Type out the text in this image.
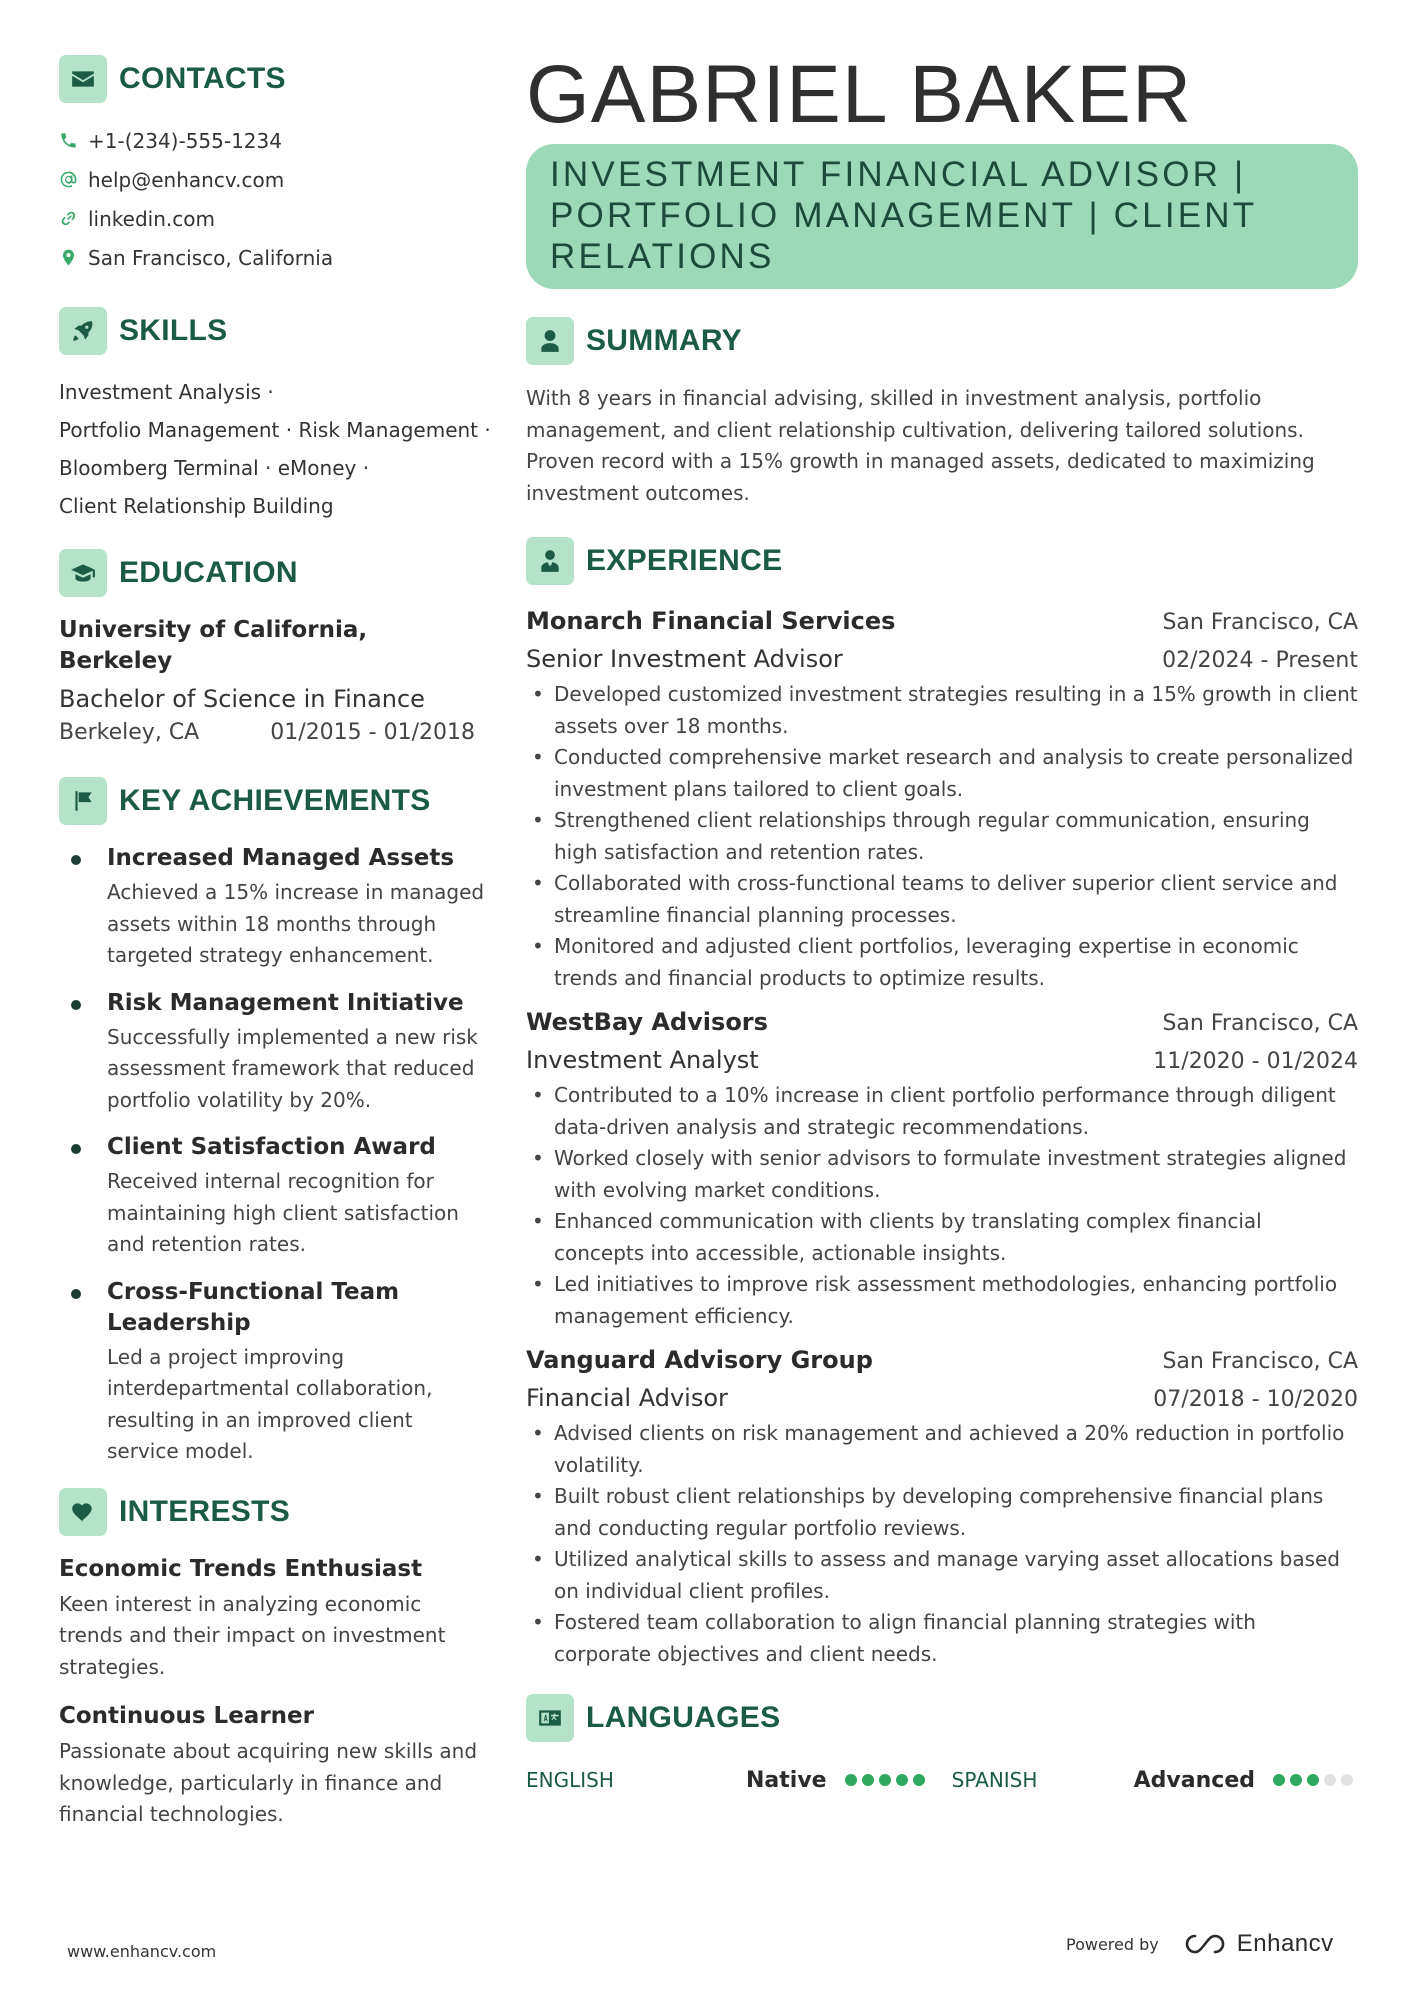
CONTACTS
+1-(234)-555-1234
help@enhancv.com
linkedin.com
San Francisco, California
SKILLS
Investment Analysis ·
Portfolio Management · Risk Management ·
Bloomberg Terminal · eMoney ·
Client Relationship Building
EDUCATION
University of California, Berkeley
Bachelor of Science in Finance
Berkeley, CA	01/2015 - 01/2018
KEY ACHIEVEMENTS
Increased Managed Assets
Achieved a 15% increase in managed assets within 18 months through targeted strategy enhancement.
Risk Management Initiative
Successfully implemented a new risk assessment framework that reduced portfolio volatility by 20%.
Client Satisfaction Award
Received internal recognition for maintaining high client satisfaction and retention rates.
Cross-Functional Team Leadership
Led a project improving interdepartmental collaboration, resulting in an improved client service model.
INTERESTS
Economic Trends Enthusiast
Keen interest in analyzing economic trends and their impact on investment strategies.
Continuous Learner
Passionate about acquiring new skills and knowledge, particularly in finance and financial technologies.
GABRIEL BAKER
INVESTMENT FINANCIAL ADVISOR | PORTFOLIO MANAGEMENT | CLIENT RELATIONS
SUMMARY
With 8 years in financial advising, skilled in investment analysis, portfolio management, and client relationship cultivation, delivering tailored solutions. Proven record with a 15% growth in managed assets, dedicated to maximizing investment outcomes.
EXPERIENCE
Monarch Financial Services	San Francisco, CA
Senior Investment Advisor	02/2024 - Present
• Developed customized investment strategies resulting in a 15% growth in client assets over 18 months.
• Conducted comprehensive market research and analysis to create personalized investment plans tailored to client goals.
• Strengthened client relationships through regular communication, ensuring high satisfaction and retention rates.
• Collaborated with cross-functional teams to deliver superior client service and streamline financial planning processes.
• Monitored and adjusted client portfolios, leveraging expertise in economic trends and financial products to optimize results.
WestBay Advisors	San Francisco, CA
Investment Analyst	11/2020 - 01/2024
• Contributed to a 10% increase in client portfolio performance through diligent data-driven analysis and strategic recommendations.
• Worked closely with senior advisors to formulate investment strategies aligned with evolving market conditions.
• Enhanced communication with clients by translating complex financial concepts into accessible, actionable insights.
• Led initiatives to improve risk assessment methodologies, enhancing portfolio management efficiency.
Vanguard Advisory Group	San Francisco, CA
Financial Advisor	07/2018 - 10/2020
• Advised clients on risk management and achieved a 20% reduction in portfolio volatility.
• Built robust client relationships by developing comprehensive financial plans and conducting regular portfolio reviews.
• Utilized analytical skills to assess and manage varying asset allocations based on individual client profiles.
• Fostered team collaboration to align financial planning strategies with corporate objectives and client needs.
LANGUAGES
ENGLISH	Native	SPANISH	Advanced
www.enhancv.com	Powered by	Enhancv
